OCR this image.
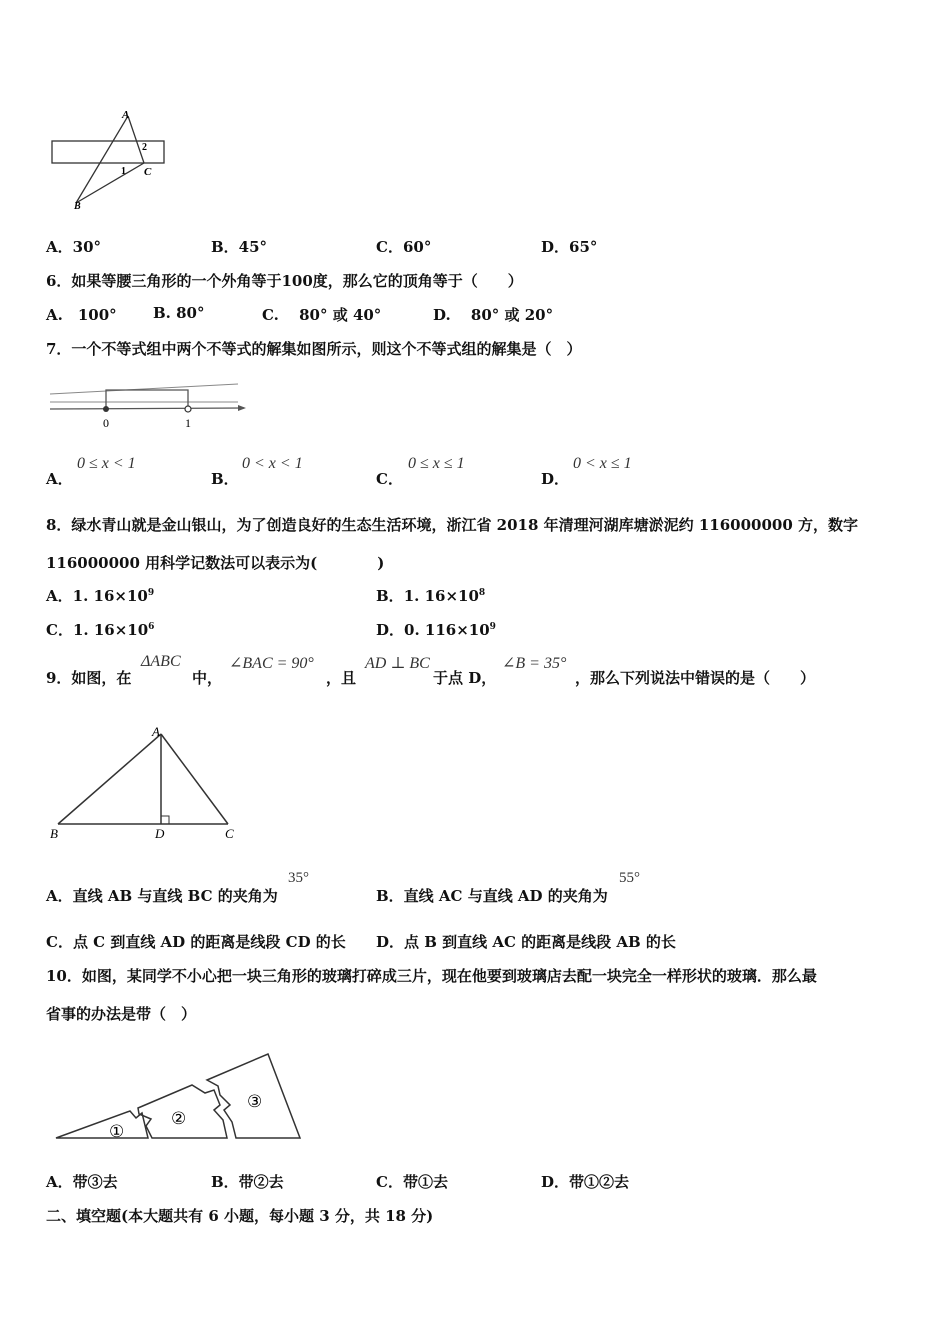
A
2
1 C
B
A．30°	B．45°	C．60°	D．65°
6．如果等腰三角形的一个外角等于100度，那么它的顶角等于（　　）
A.　100° B. 80°	C.　 80° 或 40°	D.　 80° 或 20°
7．一个不等式组中两个不等式的解集如图所示，则这个不等式组的解集是（　）
0	1
A．
0 ≤ x < 1
B．
0 < x < 1
C．
0 ≤ x ≤ 1
D．
0 < x ≤ 1
8．绿水青山就是金山银山，为了创造良好的生态生活环境，浙江省 2018 年清理河湖库塘淤泥约 116000000 方，数字
116000000 用科学记数法可以表示为(　　　　)
A．1. $16\times 10^9$	B．1. $16\times 10^8$
C．1. $16\times 10^6$	D．0. $116\times 10^9$
9．如图，在
ΔABC
中，
∠BAC = 90°
，且
AD ⊥ BC
于点 D，
∠B = 35°
，那么下列说法中错误的是（　　）
A
B	D	C
A．直线 AB 与直线 BC 的夹角为
35°
B．直线 AC 与直线 AD 的夹角为
55°
C．点 C 到直线 AD 的距离是线段 CD 的长 D．点 B 到直线 AC 的距离是线段 AB 的长
10．如图，某同学不小心把一块三角形的玻璃打碎成三片，现在他要到玻璃店去配一块完全一样形状的玻璃．那么最
省事的办法是带（　）
①
②
③
A．带③去	B．带②去	C．带①去	D．带①②去
二、填空题(本大题共有 6 小题，每小题 3 分，共 18 分)
